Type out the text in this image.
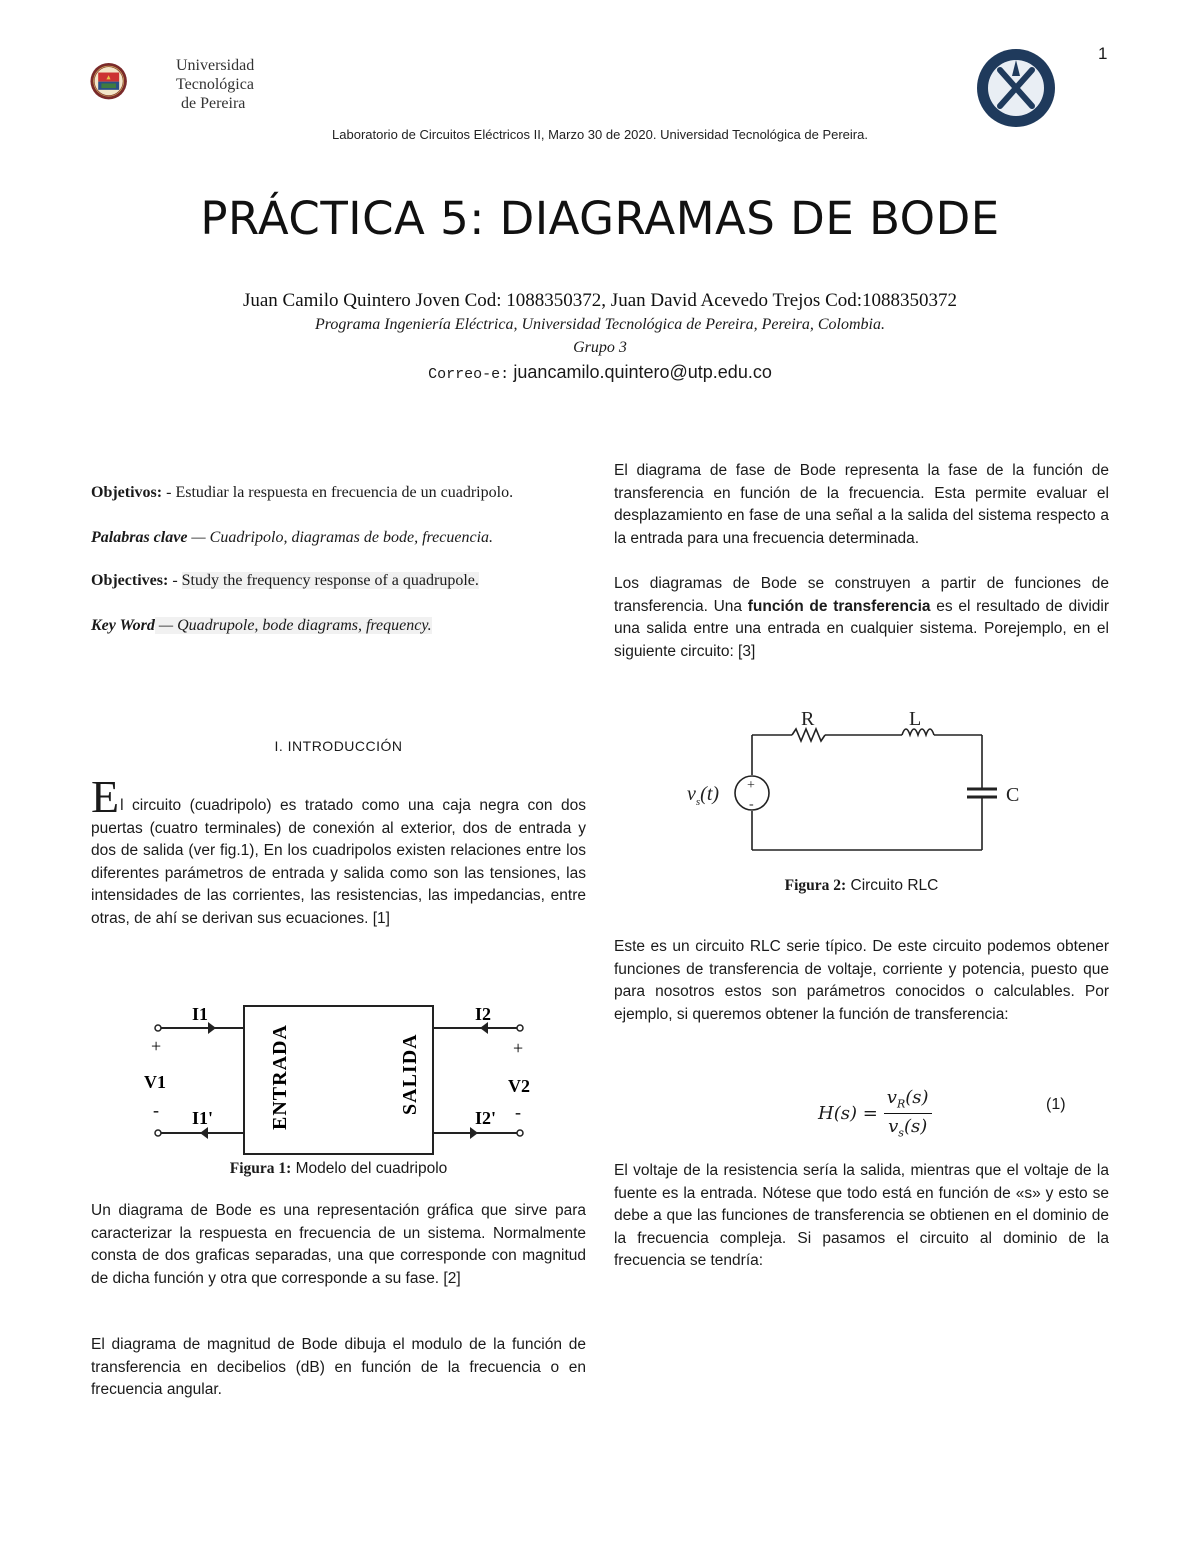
1
Universidad
Tecnológica
de Pereira
Laboratorio de Circuitos Eléctricos II, Marzo 30 de 2020. Universidad Tecnológica de Pereira.
PRÁCTICA 5: DIAGRAMAS DE BODE
Juan Camilo Quintero Joven Cod: 1088350372, Juan David Acevedo Trejos Cod:1088350372
Programa Ingeniería Eléctrica, Universidad Tecnológica de Pereira, Pereira, Colombia.
Grupo 3
Correo-e: juancamilo.quintero@utp.edu.co

Objetivos: - Estudiar la respuesta en frecuencia de un cuadripolo.

Palabras clave — Cuadripolo, diagramas de bode, frecuencia.

Objectives: - Study the frequency response of a quadrupole.

Key Word — Quadrupole, bode diagrams, frequency.

I. INTRODUCCIÓN
E l circuito (cuadripolo) es tratado como una caja negra con dos puertas (cuatro terminales) de conexión al exterior, dos de entrada y dos de salida (ver fig.1), En los cuadripolos existen relaciones entre los diferentes parámetros de entrada y salida como son las tensiones, las intensidades de las corrientes, las resistencias, las impedancias, entre otras, de ahí se derivan sus ecuaciones. [1]
I1	I2
I1'	I2'
+	+
-	-
V1	V2
ENTRADA	SALIDA
Figura 1: Modelo del cuadripolo
Un diagrama de Bode es una representación gráfica que sirve para caracterizar la respuesta en frecuencia de un sistema. Normalmente consta de dos graficas separadas, una que corresponde con magnitud de dicha función y otra que corresponde a su fase. [2]
El diagrama de magnitud de Bode dibuja el modulo de la función de transferencia en decibelios (dB) en función de la frecuencia o en frecuencia angular.
El diagrama de fase de Bode representa la fase de la función de transferencia en función de la frecuencia. Esta permite evaluar el desplazamiento en fase de una señal a la salida del sistema respecto a la entrada para una frecuencia determinada.
Los diagramas de Bode se construyen a partir de funciones de transferencia. Una función de transferencia es el resultado de dividir una salida entre una entrada en cualquier sistema. Porejemplo, en el siguiente circuito: [3]
+
-
R	L
C
$v_s(t)$
Figura 2: Circuito RLC
Este es un circuito RLC serie típico. De este circuito podemos obtener funciones de transferencia de voltaje, corriente y potencia, puesto que para nosotros estos son parámetros conocidos o calculables. Por ejemplo, si queremos obtener la función de transferencia:
$H(s) = \frac{v_R(s)}{v_s(s)}$	(1)
El voltaje de la resistencia sería la salida, mientras que el voltaje de la fuente es la entrada. Nótese que todo está en función de «s» y esto se debe a que las funciones de transferencia se obtienen en el dominio de la frecuencia compleja. Si pasamos el circuito al dominio de la frecuencia se tendría:
